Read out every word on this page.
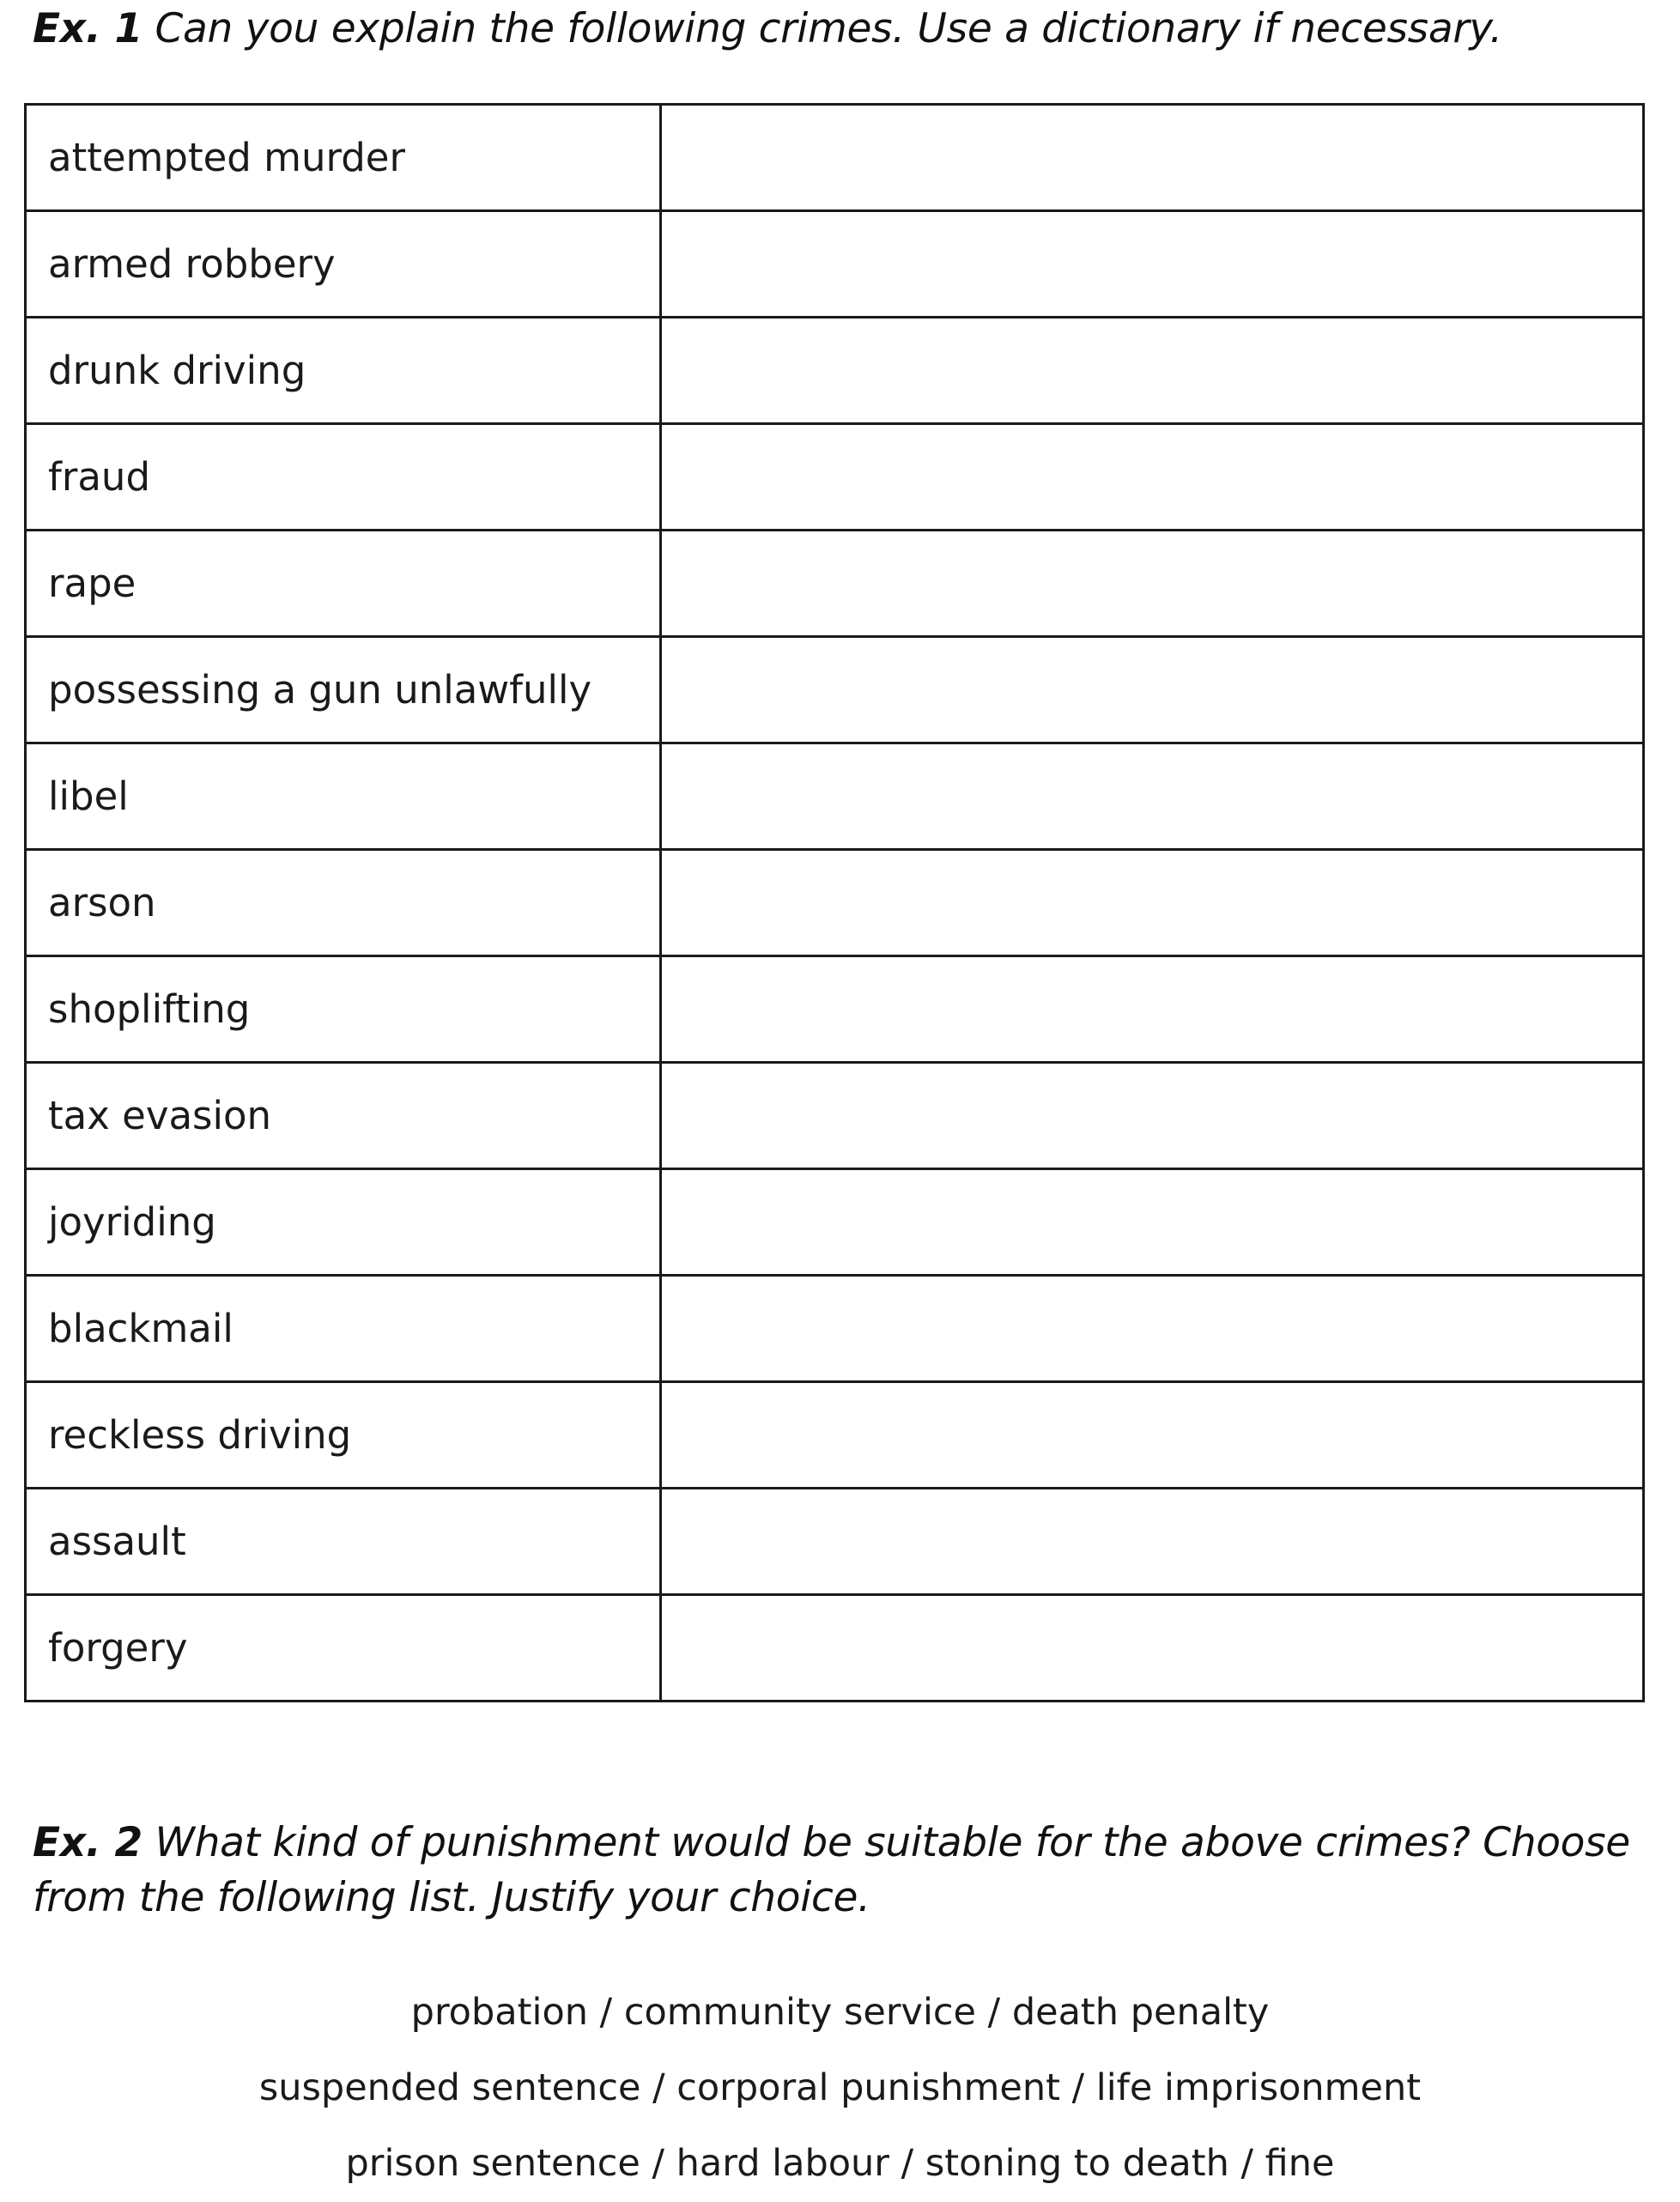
Ex. 1 Can you explain the following crimes. Use a dictionary if necessary.
attempted murder	
armed robbery	
drunk driving	
fraud	
rape	
possessing a gun unlawfully	
libel	
arson	
shoplifting	
tax evasion	
joyriding	
blackmail	
reckless driving	
assault	
forgery	
Ex. 2 What kind of punishment would be suitable for the above crimes? Choose from the following list. Justify your choice.
probation / community service / death penalty
suspended sentence / corporal punishment / life imprisonment
prison sentence / hard labour / stoning to death / fine
